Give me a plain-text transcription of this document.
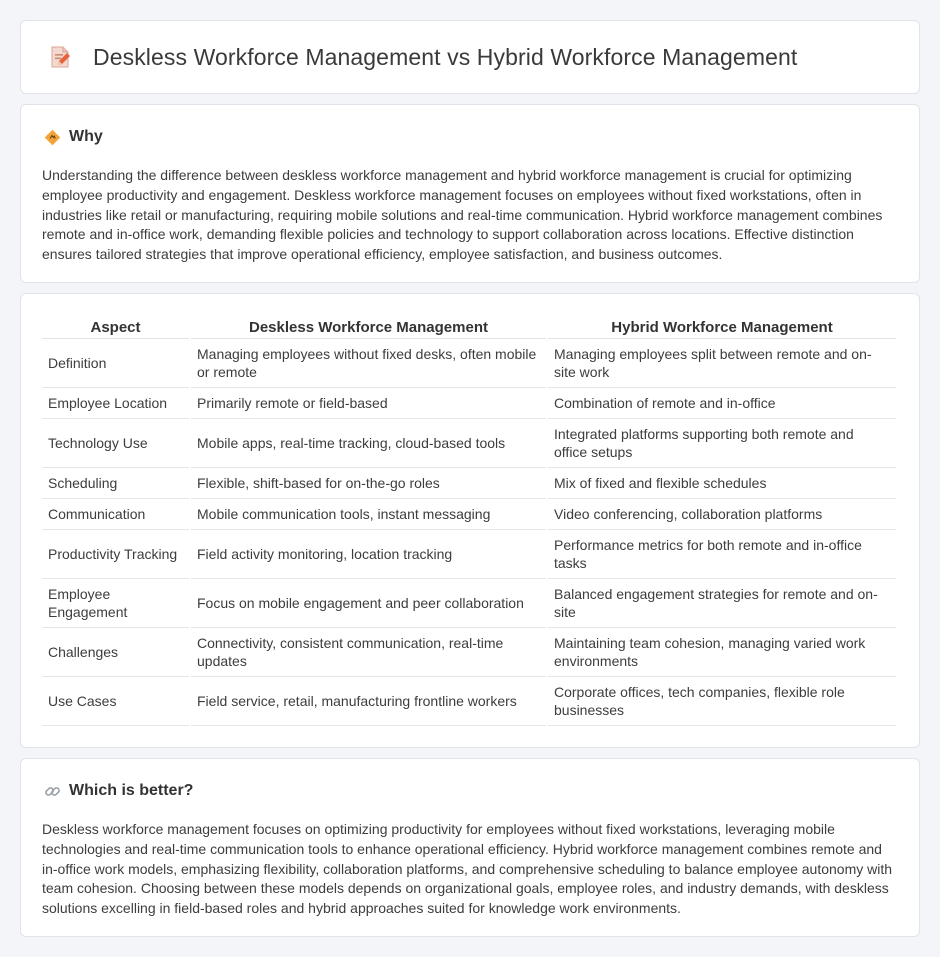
Deskless Workforce Management vs Hybrid Workforce Management
Why

Understanding the difference between deskless workforce management and hybrid workforce management is crucial for optimizing employee productivity and engagement. Deskless workforce management focuses on employees without fixed workstations, often in industries like retail or manufacturing, requiring mobile solutions and real-time communication. Hybrid workforce management combines remote and in-office work, demanding flexible policies and technology to support collaboration across locations. Effective distinction ensures tailored strategies that improve operational efficiency, employee satisfaction, and business outcomes.

Aspect	Deskless Workforce Management	Hybrid Workforce Management
Definition	Managing employees without fixed desks, often mobile or remote	Managing employees split between remote and on-site work
Employee Location	Primarily remote or field-based	Combination of remote and in-office
Technology Use	Mobile apps, real-time tracking, cloud-based tools	Integrated platforms supporting both remote and office setups
Scheduling	Flexible, shift-based for on-the-go roles	Mix of fixed and flexible schedules
Communication	Mobile communication tools, instant messaging	Video conferencing, collaboration platforms
Productivity Tracking	Field activity monitoring, location tracking	Performance metrics for both remote and in-office tasks
Employee Engagement	Focus on mobile engagement and peer collaboration	Balanced engagement strategies for remote and on-site
Challenges	Connectivity, consistent communication, real-time updates	Maintaining team cohesion, managing varied work environments
Use Cases	Field service, retail, manufacturing frontline workers	Corporate offices, tech companies, flexible role businesses
Which is better?

Deskless workforce management focuses on optimizing productivity for employees without fixed workstations, leveraging mobile technologies and real-time communication tools to enhance operational efficiency. Hybrid workforce management combines remote and in-office work models, emphasizing flexibility, collaboration platforms, and comprehensive scheduling to balance employee autonomy with team cohesion. Choosing between these models depends on organizational goals, employee roles, and industry demands, with deskless solutions excelling in field-based roles and hybrid approaches suited for knowledge work environments.
